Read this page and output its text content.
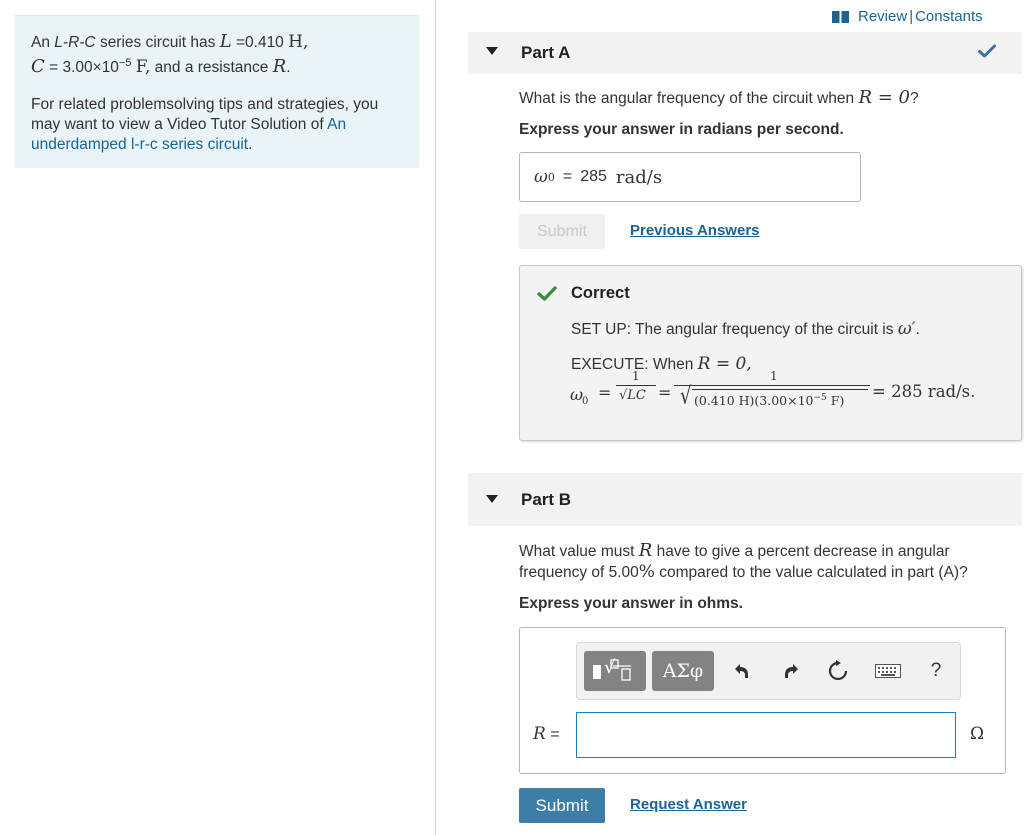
An L-R-C series circuit has L =0.410 H,
$C = 3.00\times 10^{-5}$ F, and a resistance R.

For related problemsolving tips and strategies, you may want to view a Video Tutor Solution of An underdamped l-r-c series circuit.

Review | Constants
Part A
What is the angular frequency of the circuit when R = 0?
Express your answer in radians per second.
ω 0 = 285 rad/s
Submit	Previous Answers
Correct
SET UP: The angular frequency of the circuit is ω′.
EXECUTE: When R = 0,
ω
0 =
1
√LC =
1
√ (0.410 $H)(3.00\times 10^{-5}$ F) = 285 rad/s.
Part B
What value must R have to give a percent decrease in angular
frequency of 5.00% compared to the value calculated in part (A)?
Express your answer in ohms.
√	ΑΣφ	?
R =	Ω
Submit	Request Answer
